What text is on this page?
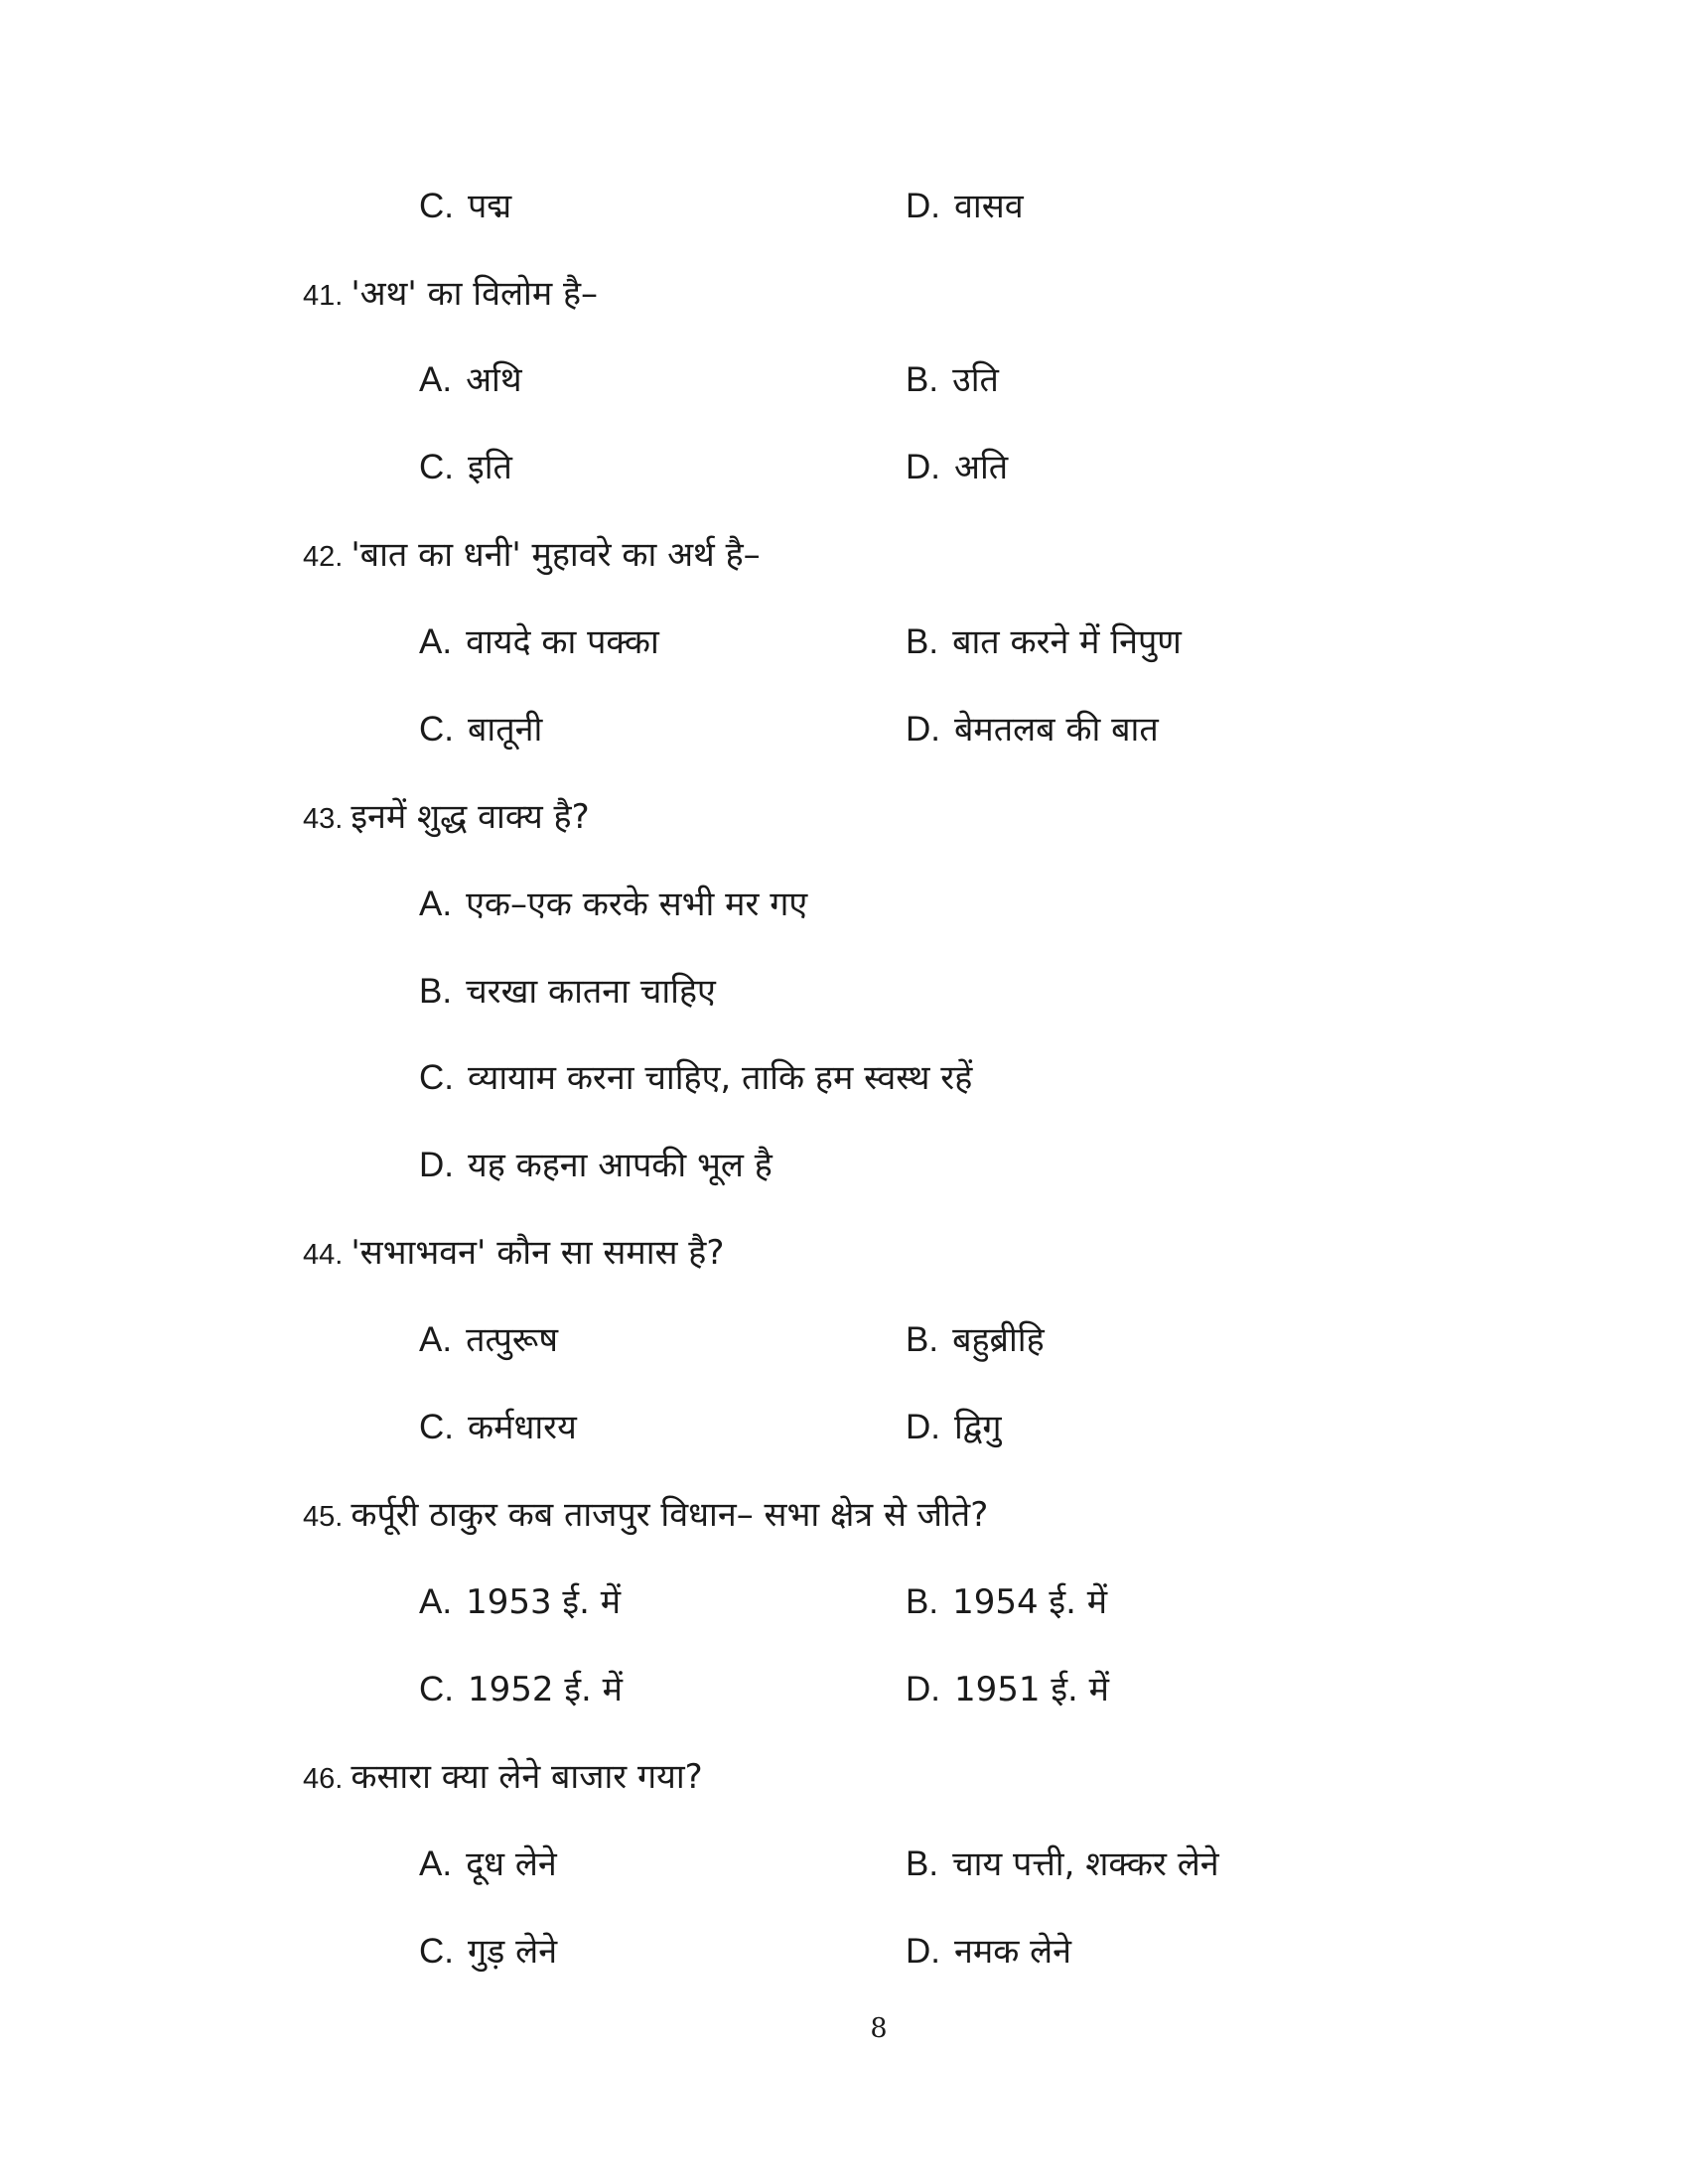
C. पद्म	D. वासव
41. 'अथ' का विलोम है–
A. अथि	B. उति
C. इति	D. अति
42. 'बात का धनी' मुहावरे का अर्थ है–
A. वायदे का पक्का	B. बात करने में निपुण
C. बातूनी	D. बेमतलब की बात
43. इनमें शुद्ध वाक्य है?
A. एक–एक करके सभी मर गए
B. चरखा कातना चाहिए
C. व्यायाम करना चाहिए, ताकि हम स्वस्थ रहें
D. यह कहना आपकी भूल है
44. 'सभाभवन' कौन सा समास है?
A. तत्पुरूष	B. बहुब्रीहि
C. कर्मधारय	D. द्विगु
45. कर्पूरी ठाकुर कब ताजपुर विधान– सभा क्षेत्र से जीते?
A. 1953 ई. में	B. 1954 ई. में
C. 1952 ई. में	D. 1951 ई. में
46. कसारा क्या लेने बाजार गया?
A. दूध लेने	B. चाय पत्ती, शक्कर लेने
C. गुड़ लेने	D. नमक लेने
8
